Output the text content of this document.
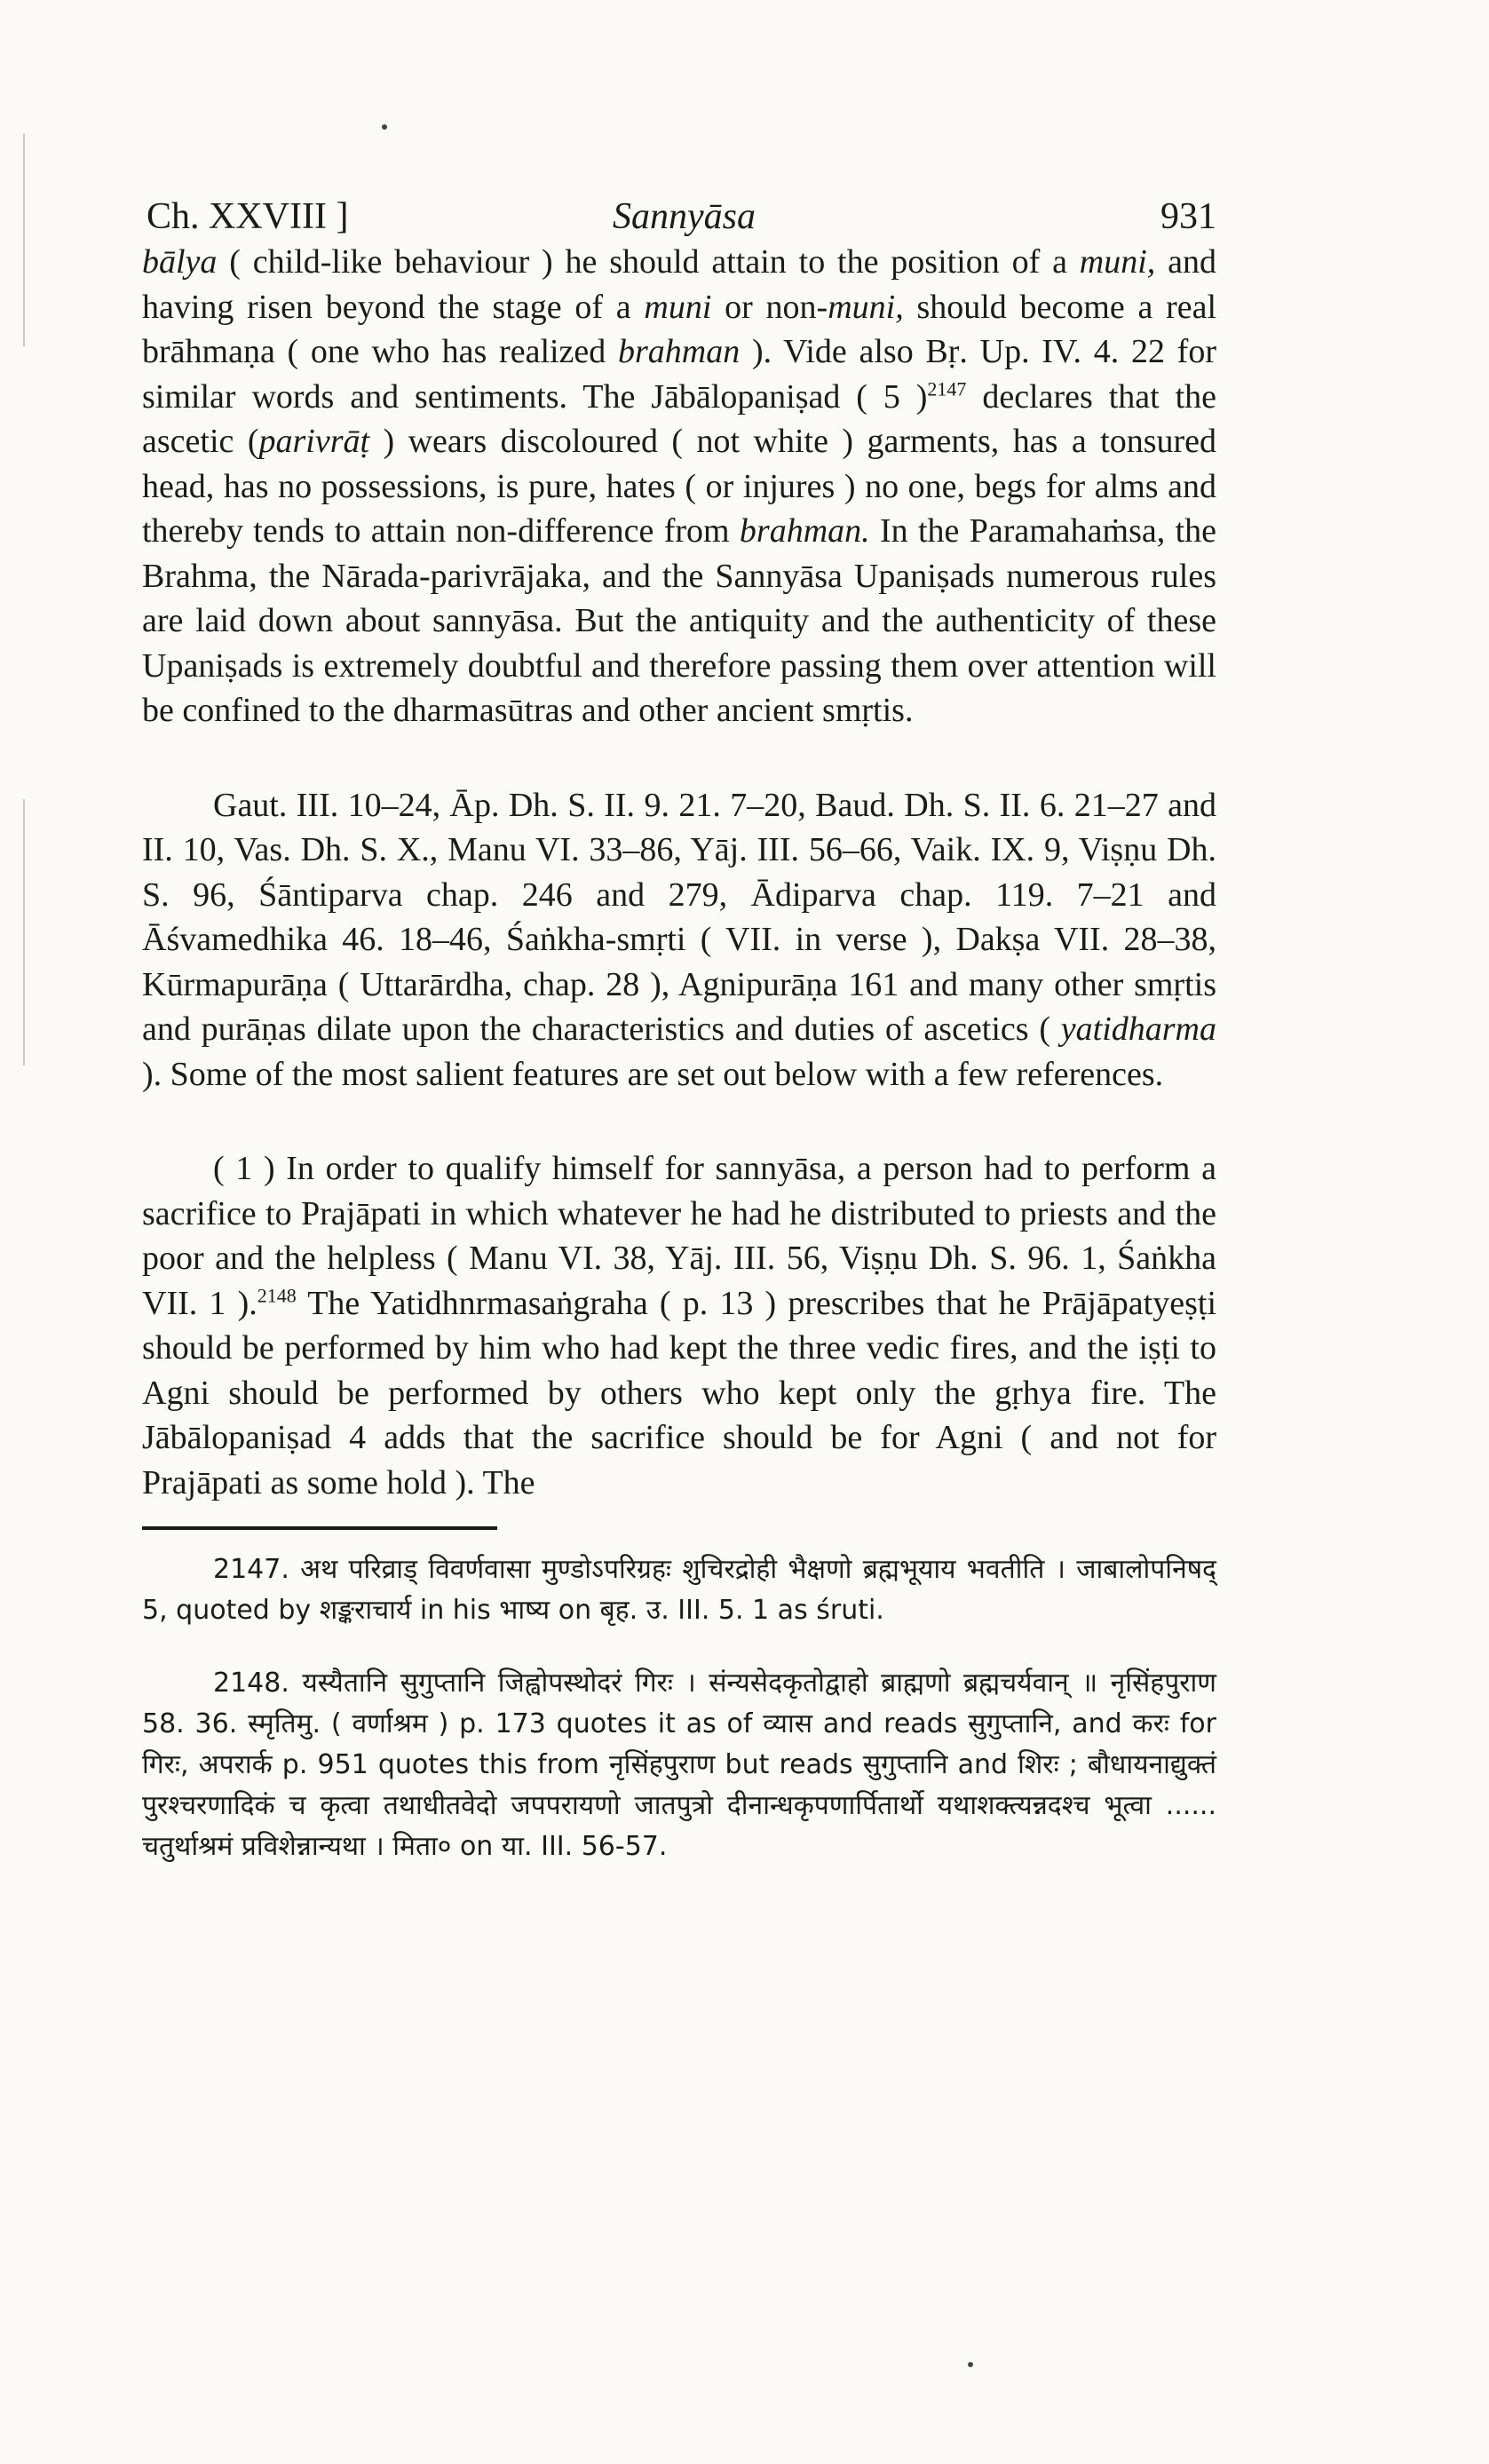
Ch. XXVIII ]	Sannyāsa	931

bālya ( child-like behaviour ) he should attain to the position of a muni, and having risen beyond the stage of a muni or non-muni, should become a real brāhmaṇa ( one who has realized brahman ). Vide also Bṛ. Up. IV. 4. 22 for similar words and sentiments. The Jābālopaniṣad ( 5 )$^{2147}$ declares that the ascetic (parivrāṭ ) wears discoloured ( not white ) garments, has a tonsured head, has no possessions, is pure, hates ( or injures ) no one, begs for alms and thereby tends to attain non-difference from brahman. In the Paramahaṁsa, the Brahma, the Nārada-parivrājaka, and the Sannyāsa Upaniṣads numerous rules are laid down about sannyāsa. But the antiquity and the authenticity of these Upaniṣads is extremely doubtful and therefore passing them over attention will be confined to the dharmasūtras and other ancient smṛtis.

Gaut. III. 10–24, Āp. Dh. S. II. 9. 21. 7–20, Baud. Dh. S. II. 6. 21–27 and II. 10, Vas. Dh. S. X., Manu VI. 33–86, Yāj. III. 56–66, Vaik. IX. 9, Viṣṇu Dh. S. 96, Śāntiparva chap. 246 and 279, Ādiparva chap. 119. 7–21 and Āśvamedhika 46. 18–46, Śaṅkha-smṛti ( VII. in verse ), Dakṣa VII. 28–38, Kūrmapurāṇa ( Uttarārdha, chap. 28 ), Agnipurāṇa 161 and many other smṛtis and purāṇas dilate upon the characteristics and duties of ascetics ( yatidharma ). Some of the most salient features are set out below with a few references.

( 1 ) In order to qualify himself for sannyāsa, a person had to perform a sacrifice to Prajāpati in which whatever he had he distributed to priests and the poor and the helpless ( Manu VI. 38, Yāj. III. 56, Viṣṇu Dh. S. 96. 1, Śaṅkha VII. 1 ).$^{2148}$ The Yatidhnrmasaṅgraha ( p. 13 ) prescribes that he Prājāpatyeṣṭi should be performed by him who had kept the three vedic fires, and the iṣṭi to Agni should be performed by others who kept only the gṛhya fire. The Jābālopaniṣad 4 adds that the sacrifice should be for Agni ( and not for Prajāpati as some hold ). The

2147. अथ परिव्राड् विवर्णवासा मुण्डोऽपरिग्रहः शुचिरद्रोही भैक्षणो ब्रह्मभूयाय भवतीति । जाबालोपनिषद् 5, quoted by शङ्कराचार्य in his भाष्य on बृह. उ. III. 5. 1 as śruti.

2148. यस्यैतानि सुगुप्तानि जिह्वोपस्थोदरं गिरः । संन्यसेदकृतोद्वाहो ब्राह्मणो ब्रह्मचर्यवान् ॥ नृसिंहपुराण 58. 36. स्मृतिमु. ( वर्णाश्रम ) p. 173 quotes it as of व्यास and reads सुगुप्तानि, and करः for गिरः, अपरार्क p. 951 quotes this from नृसिंहपुराण but reads सुगुप्तानि and शिरः ; बौधायनाद्युक्तं पुरश्चरणादिकं च कृत्वा तथाधीतवेदो जपपरायणो जातपुत्रो दीनान्धकृपणार्पितार्थो यथाशक्त्यन्नदश्च भूत्वा ...... चतुर्थाश्रमं प्रविशेन्नान्यथा । मिता० on या. III. 56-57.
